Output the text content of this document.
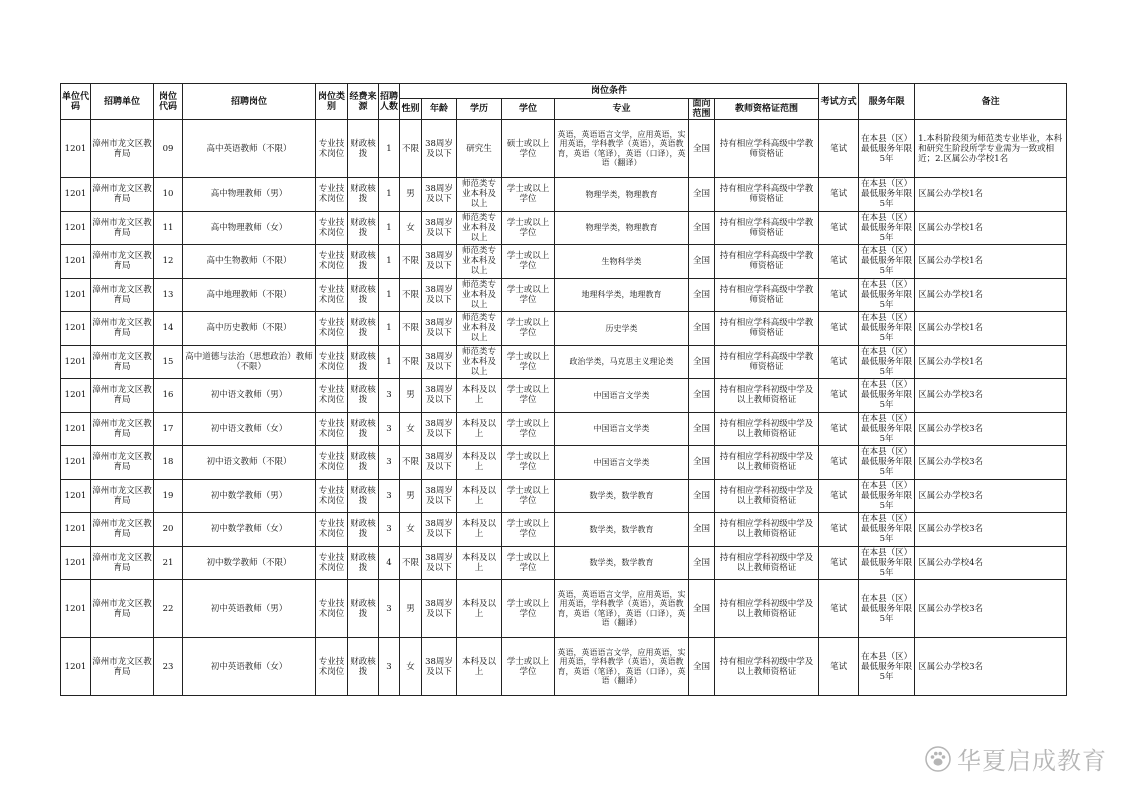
单位代码	招聘单位	岗位代码	招聘岗位	岗位类别	经费来源	招聘人数	岗位条件							考试方式	服务年限	备注
							性别	年龄	学历	学位	专业	面向范围	教师资格证范围			
1201	漳州市龙文区教育局	09	高中英语教师（不限）	专业技术岗位	财政核拨	1	不限	38周岁及以下	研究生	硕士或以上学位	英语，英语语言文学，应用英语，实用英语，学科教学（英语），英语教育，英语（笔译），英语（口译），英语（翻译）	全国	持有相应学科高级中学教师资格证	笔试	在本县（区）最低服务年限5年	1.本科阶段须为师范类专业毕业，本科和研究生阶段所学专业需为一致或相近；2.区属公办学校1名
1201	漳州市龙文区教育局	10	高中物理教师（男）	专业技术岗位	财政核拨	1	男	38周岁及以下	师范类专业本科及以上	学士或以上学位	物理学类，物理教育	全国	持有相应学科高级中学教师资格证	笔试	在本县（区）最低服务年限5年	区属公办学校1名
1201	漳州市龙文区教育局	11	高中物理教师（女）	专业技术岗位	财政核拨	1	女	38周岁及以下	师范类专业本科及以上	学士或以上学位	物理学类，物理教育	全国	持有相应学科高级中学教师资格证	笔试	在本县（区）最低服务年限5年	区属公办学校1名
1201	漳州市龙文区教育局	12	高中生物教师（不限）	专业技术岗位	财政核拨	1	不限	38周岁及以下	师范类专业本科及以上	学士或以上学位	生物科学类	全国	持有相应学科高级中学教师资格证	笔试	在本县（区）最低服务年限5年	区属公办学校1名
1201	漳州市龙文区教育局	13	高中地理教师（不限）	专业技术岗位	财政核拨	1	不限	38周岁及以下	师范类专业本科及以上	学士或以上学位	地理科学类，地理教育	全国	持有相应学科高级中学教师资格证	笔试	在本县（区）最低服务年限5年	区属公办学校1名
1201	漳州市龙文区教育局	14	高中历史教师（不限）	专业技术岗位	财政核拨	1	不限	38周岁及以下	师范类专业本科及以上	学士或以上学位	历史学类	全国	持有相应学科高级中学教师资格证	笔试	在本县（区）最低服务年限5年	区属公办学校1名
1201	漳州市龙文区教育局	15	高中道德与法治（思想政治）教师（不限）	专业技术岗位	财政核拨	1	不限	38周岁及以下	师范类专业本科及以上	学士或以上学位	政治学类，马克思主义理论类	全国	持有相应学科高级中学教师资格证	笔试	在本县（区）最低服务年限5年	区属公办学校1名
1201	漳州市龙文区教育局	16	初中语文教师（男）	专业技术岗位	财政核拨	3	男	38周岁及以下	本科及以上	学士或以上学位	中国语言文学类	全国	持有相应学科初级中学及以上教师资格证	笔试	在本县（区）最低服务年限5年	区属公办学校3名
1201	漳州市龙文区教育局	17	初中语文教师（女）	专业技术岗位	财政核拨	3	女	38周岁及以下	本科及以上	学士或以上学位	中国语言文学类	全国	持有相应学科初级中学及以上教师资格证	笔试	在本县（区）最低服务年限5年	区属公办学校3名
1201	漳州市龙文区教育局	18	初中语文教师（不限）	专业技术岗位	财政核拨	3	不限	38周岁及以下	本科及以上	学士或以上学位	中国语言文学类	全国	持有相应学科初级中学及以上教师资格证	笔试	在本县（区）最低服务年限5年	区属公办学校3名
1201	漳州市龙文区教育局	19	初中数学教师（男）	专业技术岗位	财政核拨	3	男	38周岁及以下	本科及以上	学士或以上学位	数学类，数学教育	全国	持有相应学科初级中学及以上教师资格证	笔试	在本县（区）最低服务年限5年	区属公办学校3名
1201	漳州市龙文区教育局	20	初中数学教师（女）	专业技术岗位	财政核拨	3	女	38周岁及以下	本科及以上	学士或以上学位	数学类，数学教育	全国	持有相应学科初级中学及以上教师资格证	笔试	在本县（区）最低服务年限5年	区属公办学校3名
1201	漳州市龙文区教育局	21	初中数学教师（不限）	专业技术岗位	财政核拨	4	不限	38周岁及以下	本科及以上	学士或以上学位	数学类，数学教育	全国	持有相应学科初级中学及以上教师资格证	笔试	在本县（区）最低服务年限5年	区属公办学校4名
1201	漳州市龙文区教育局	22	初中英语教师（男）	专业技术岗位	财政核拨	3	男	38周岁及以下	本科及以上	学士或以上学位	英语，英语语言文学，应用英语，实用英语，学科教学（英语），英语教育，英语（笔译），英语（口译），英语（翻译）	全国	持有相应学科初级中学及以上教师资格证	笔试	在本县（区）最低服务年限5年	区属公办学校3名
1201	漳州市龙文区教育局	23	初中英语教师（女）	专业技术岗位	财政核拨	3	女	38周岁及以下	本科及以上	学士或以上学位	英语，英语语言文学，应用英语，实用英语，学科教学（英语），英语教育，英语（笔译），英语（口译），英语（翻译）	全国	持有相应学科初级中学及以上教师资格证	笔试	在本县（区）最低服务年限5年	区属公办学校3名
华夏启成教育
